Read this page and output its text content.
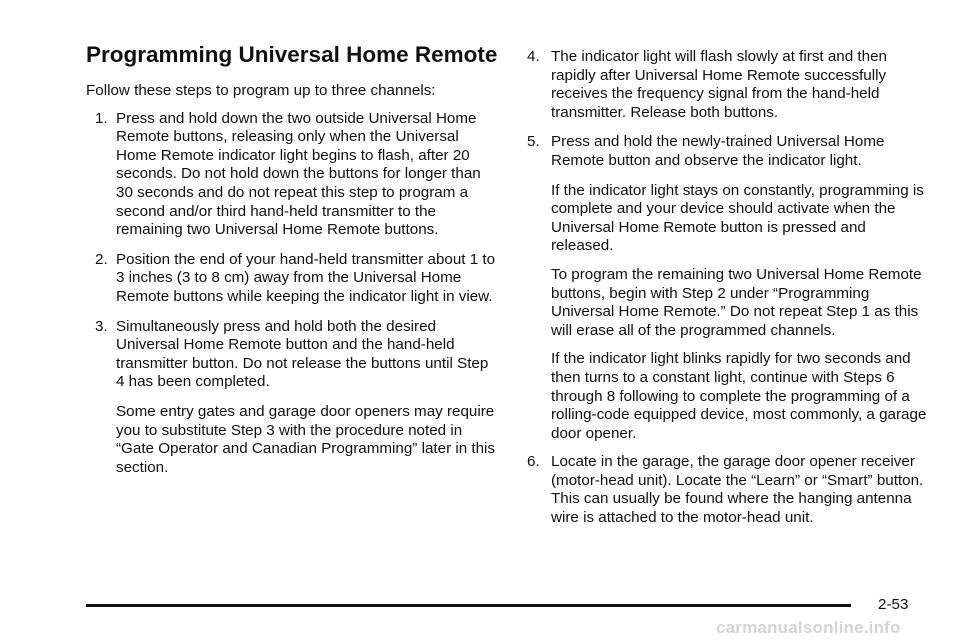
Programming Universal Home Remote

Follow these steps to program up to three channels:

1. Press and hold down the two outside Universal Home Remote buttons, releasing only when the Universal Home Remote indicator light begins to flash, after 20 seconds. Do not hold down the buttons for longer than 30 seconds and do not repeat this step to program a second and/or third hand-held transmitter to the remaining two Universal Home Remote buttons.
2. Position the end of your hand-held transmitter about 1 to 3 inches (3 to 8 cm) away from the Universal Home Remote buttons while keeping the indicator light in view.
3. Simultaneously press and hold both the desired Universal Home Remote button and the hand-held transmitter button. Do not release the buttons until Step 4 has been completed.

Some entry gates and garage door openers may require you to substitute Step 3 with the procedure noted in “Gate Operator and Canadian Programming” later in this section.

4. The indicator light will flash slowly at first and then rapidly after Universal Home Remote successfully receives the frequency signal from the hand-held transmitter. Release both buttons.
5. Press and hold the newly-trained Universal Home Remote button and observe the indicator light.

If the indicator light stays on constantly, programming is complete and your device should activate when the Universal Home Remote button is pressed and released.

To program the remaining two Universal Home Remote buttons, begin with Step 2 under “Programming Universal Home Remote.” Do not repeat Step 1 as this will erase all of the programmed channels.

If the indicator light blinks rapidly for two seconds and then turns to a constant light, continue with Steps 6 through 8 following to complete the programming of a rolling-code equipped device, most commonly, a garage door opener.

6. Locate in the garage, the garage door opener receiver (motor-head unit). Locate the “Learn” or “Smart” button. This can usually be found where the hanging antenna wire is attached to the motor-head unit.
2-53
carmanualsonline.info
